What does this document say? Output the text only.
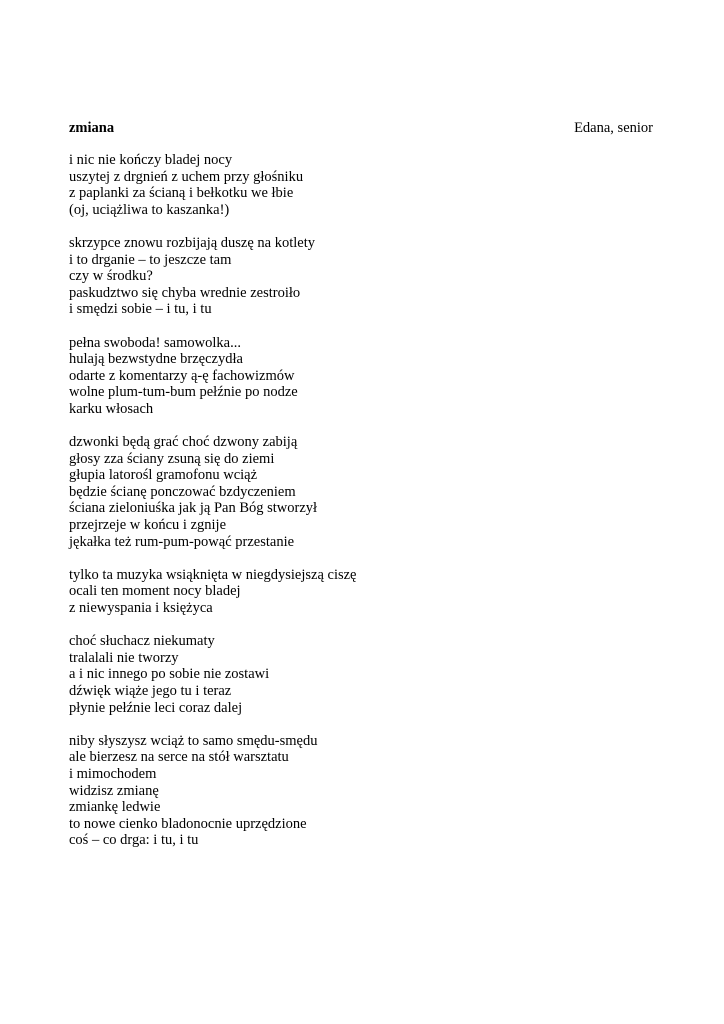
zmiana	Edana, senior
i nic nie kończy bladej nocy
uszytej z drgnień z uchem przy głośniku
z paplanki za ścianą i bełkotku we łbie
(oj, uciążliwa to kaszanka!)
skrzypce znowu rozbijają duszę na kotlety
i to drganie – to jeszcze tam
czy w środku?
paskudztwo się chyba wrednie zestroiło
i smędzi sobie – i tu, i tu
pełna swoboda! samowolka...
hulają bezwstydne brzęczydła
odarte z komentarzy ą-ę fachowizmów
wolne plum-tum-bum pełźnie po nodze
karku włosach
dzwonki będą grać choć dzwony zabiją
głosy zza ściany zsuną się do ziemi
głupia latorośl gramofonu wciąż
będzie ścianę ponczować bzdyczeniem
ściana zieloniuśka jak ją Pan Bóg stworzył
przejrzeje w końcu i zgnije
jękałka też rum-pum-powąć przestanie
tylko ta muzyka wsiąknięta w niegdysiejszą ciszę
ocali ten moment nocy bladej
z niewyspania i księżyca
choć słuchacz niekumaty
tralalali nie tworzy
a i nic innego po sobie nie zostawi
dźwięk wiąże jego tu i teraz
płynie pełźnie leci coraz dalej
niby słyszysz wciąż to samo smędu-smędu
ale bierzesz na serce na stół warsztatu
i mimochodem
widzisz zmianę
zmiankę ledwie
to nowe cienko bladonocnie uprzędzione
coś – co drga: i tu, i tu
